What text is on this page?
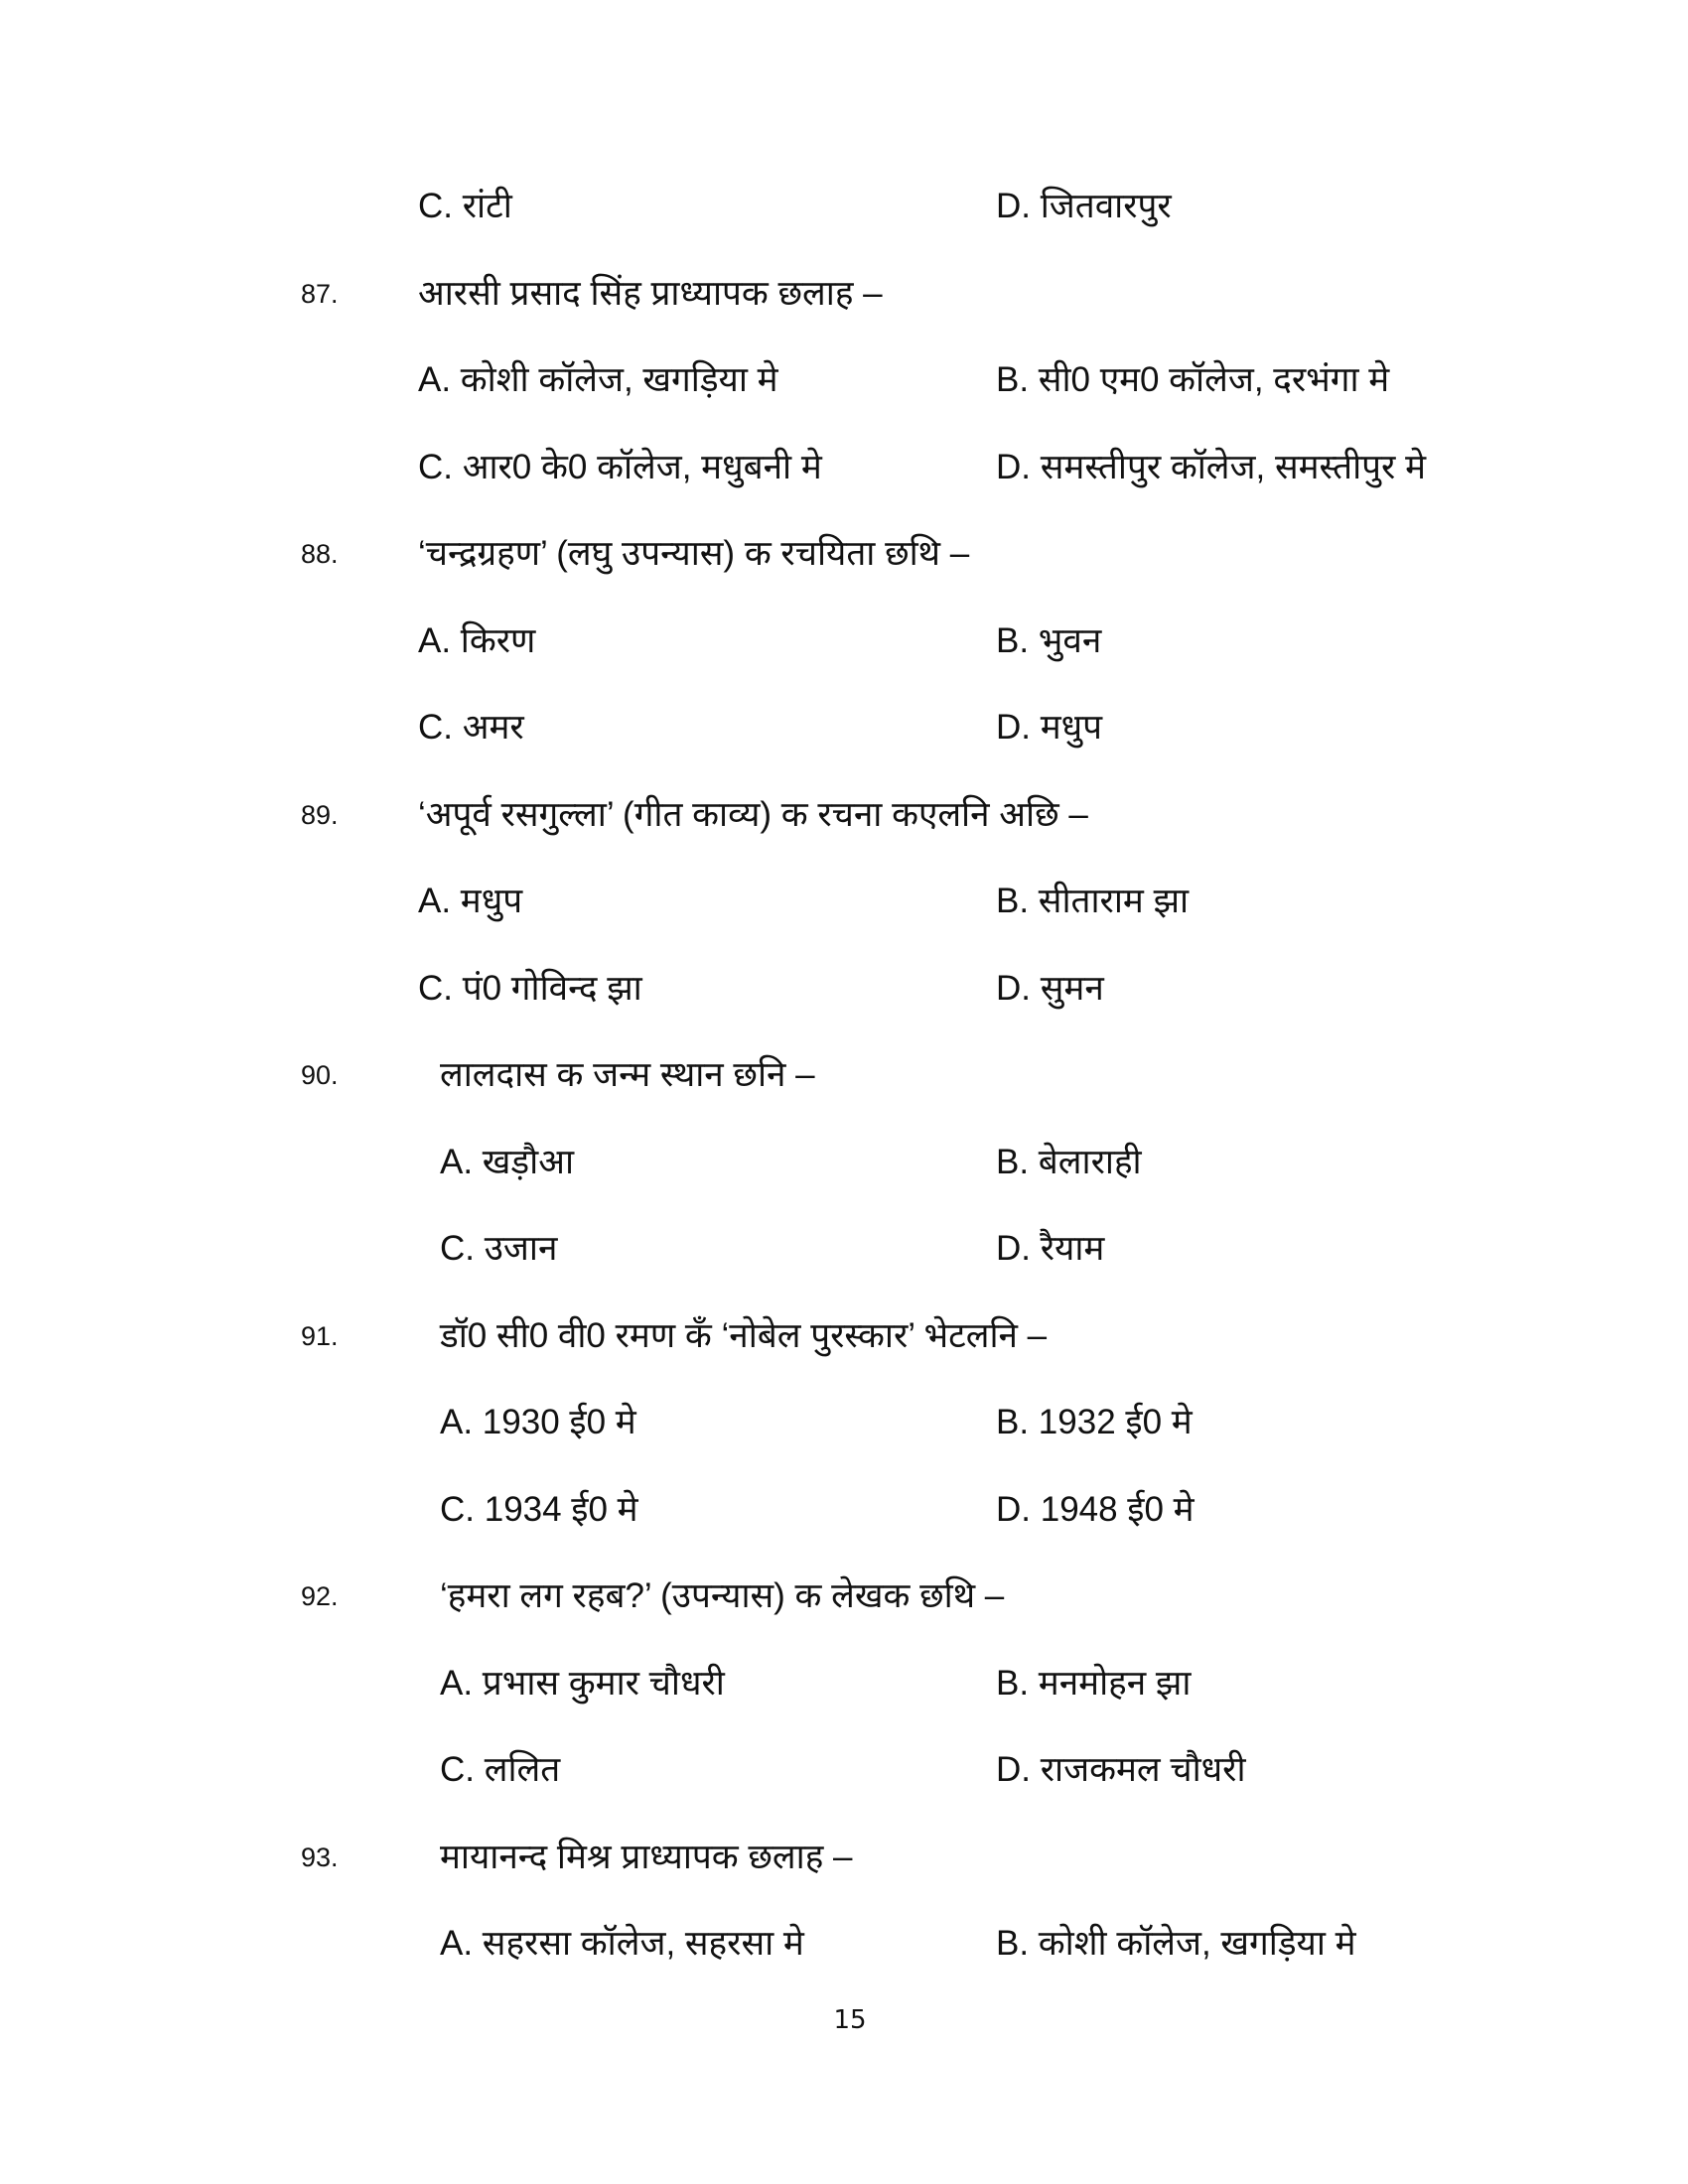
C. रांटी	D. जितवारपुर
87. आरसी प्रसाद सिंह प्राध्यापक छलाह –
A. कोशी कॉलेज, खगड़िया मे	B. सी0 एम0 कॉलेज, दरभंगा मे
C. आर0 के0 कॉलेज, मधुबनी मे	D. समस्तीपुर कॉलेज, समस्तीपुर मे
88. ‘चन्द्रग्रहण’ (लघु उपन्यास) क रचयिता छथि –
A. किरण	B. भुवन
C. अमर	D. मधुप
89. ‘अपूर्व रसगुल्ला’ (गीत काव्य) क रचना कएलनि अछि –
A. मधुप	B. सीताराम झा
C. पं0 गोविन्द झा	D. सुमन
90.	लालदास क जन्म स्थान छनि –
A. खड़ौआ	B. बेलाराही
C. उजान	D. रैयाम
91.	डॉ0 सी0 वी0 रमण कँ ‘नोबेल पुरस्कार’ भेटलनि –
A. 1930 ई0 मे	B. 1932 ई0 मे
C. 1934 ई0 मे	D. 1948 ई0 मे
92.	‘हमरा लग रहब?’ (उपन्यास) क लेखक छथि –
A. प्रभास कुमार चौधरी	B. मनमोहन झा
C. ललित	D. राजकमल चौधरी
93.	मायानन्द मिश्र प्राध्यापक छलाह –
A. सहरसा कॉलेज, सहरसा मे	B. कोशी कॉलेज, खगड़िया मे
15
